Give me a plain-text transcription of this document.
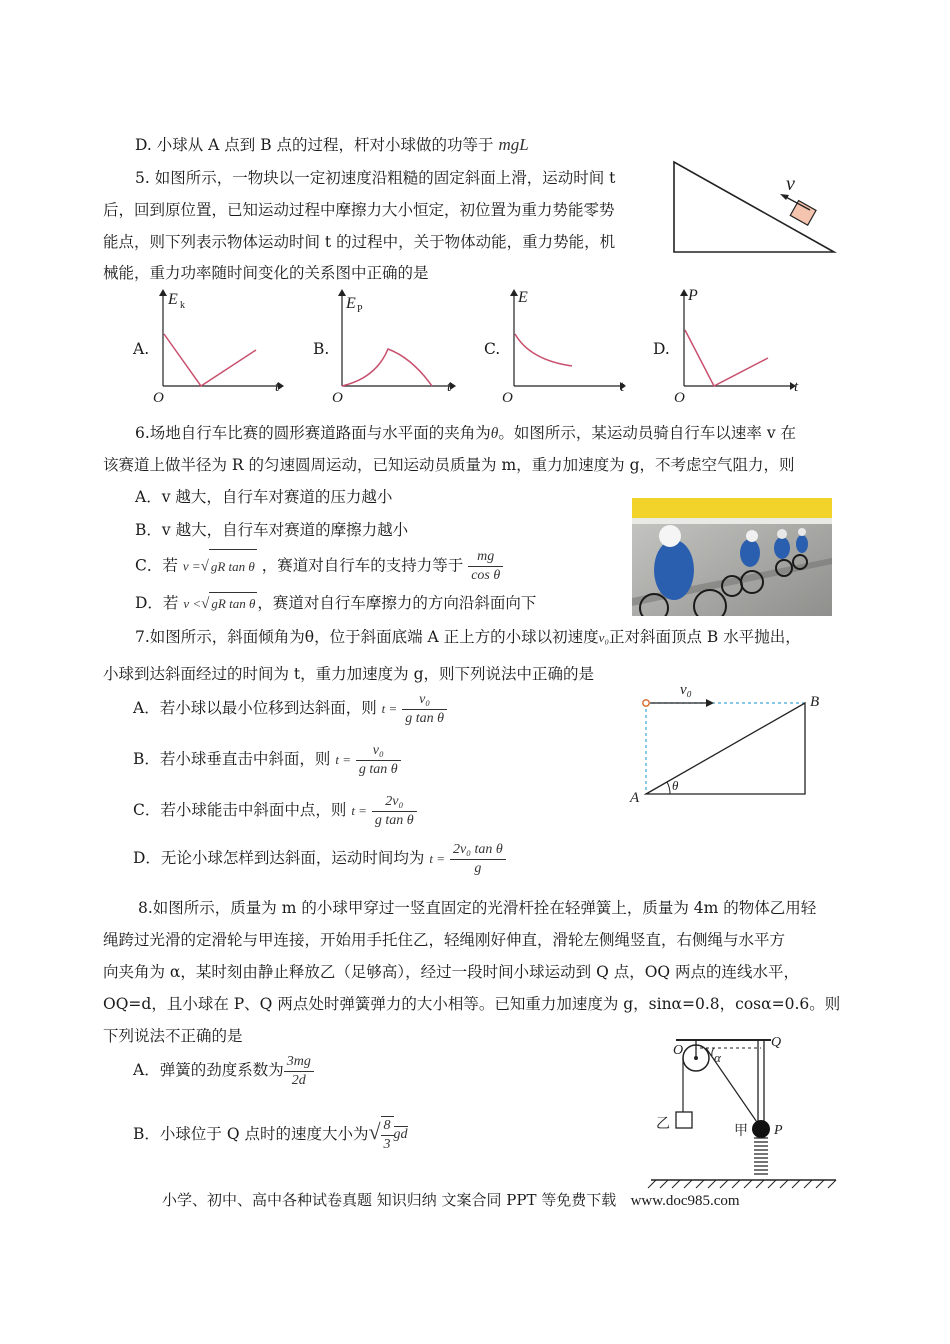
D. 小球从 A 点到 B 点的过程，杆对小球做的功等于 mgL
5. 如图所示，一物块以一定初速度沿粗糙的固定斜面上滑，运动时间 t
后，回到原位置，已知运动过程中摩擦力大小恒定，初位置为重力势能零势
能点，则下列表示物体运动时间 t 的过程中，关于物体动能，重力势能，机
械能，重力功率随时间变化的关系图中正确的是
v
A.
E k
O
t
B.
E P
O
t
C.
E
O
t
D.
P
O
t
6.场地自行车比赛的圆形赛道路面与水平面的夹角为θ。如图所示，某运动员骑自行车以速率 v 在
该赛道上做半径为 R 的匀速圆周运动，已知运动员质量为 m，重力加速度为 g，不考虑空气阻力，则
A．v 越大，自行车对赛道的压力越小
B．v 越大，自行车对赛道的摩擦力越小
C．若 v =√ gR tan θ ，赛道对自行车的支持力等于 $\frac{mg}{\text{cos θ}}$
D．若 v <√ gR tan θ ，赛道对自行车摩擦力的方向沿斜面向下
7.如图所示，斜面倾角为θ，位于斜面底端 A 正上方的小球以初速度v₀正对斜面顶点 B 水平抛出，
小球到达斜面经过的时间为 t，重力加速度为 g，则下列说法中正确的是
A．若小球以最小位移到达斜面，则 $t = \frac{\text{v₀}}{\text{g tan θ}}$
B．若小球垂直击中斜面，则 $t = \frac{\text{v₀}}{\text{g tan θ}}$
C．若小球能击中斜面中点，则 $t = \frac{\text{2v₀}}{\text{g tan θ}}$
D．无论小球怎样到达斜面，运动时间均为 $t = \frac{\text{2v₀ tan θ}}{g}$
v₀
B
A
θ
8.如图所示，质量为 m 的小球甲穿过一竖直固定的光滑杆拴在轻弹簧上，质量为 4m 的物体乙用轻
绳跨过光滑的定滑轮与甲连接，开始用手托住乙，轻绳刚好伸直，滑轮左侧绳竖直，右侧绳与水平方
向夹角为 α，某时刻由静止释放乙（足够高），经过一段时间小球运动到 Q 点，OQ 两点的连线水平，
OQ=d，且小球在 P、Q 两点处时弹簧弹力的大小相等。已知重力加速度为 g，sinα=0.8，cosα=0.6。则
下列说法不正确的是
A．弹簧的劲度系数为 $\frac{3mg}{2d}$
B．小球位于 Q 点时的速度大小为√ $\frac{8}{3}$ gd
O
Q
α
乙	甲 P
小学、初中、高中各种试卷真题 知识归纳 文案合同 PPT 等免费下载 www.doc985.com
